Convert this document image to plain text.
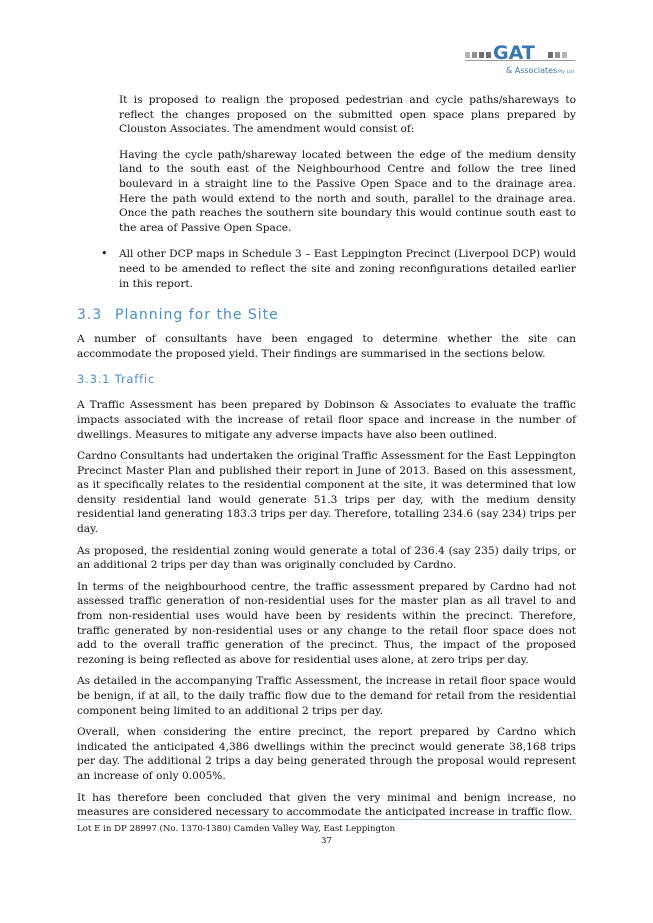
GAT
& Associates Pty Ltd

It is proposed to realign the proposed pedestrian and cycle paths/shareways to reflect the changes proposed on the submitted open space plans prepared by Clouston Associates. The amendment would consist of:

Having the cycle path/shareway located between the edge of the medium density land to the south east of the Neighbourhood Centre and follow the tree lined boulevard in a straight line to the Passive Open Space and to the drainage area. Here the path would extend to the north and south, parallel to the drainage area. Once the path reaches the southern site boundary this would continue south east to the area of Passive Open Space.

• All other DCP maps in Schedule 3 – East Leppington Precinct (Liverpool DCP) would need to be amended to reflect the site and zoning reconfigurations detailed earlier in this report.

3.3 Planning for the Site

A number of consultants have been engaged to determine whether the site can accommodate the proposed yield. Their findings are summarised in the sections below.

3.3.1 Traffic

A Traffic Assessment has been prepared by Dobinson & Associates to evaluate the traffic impacts associated with the increase of retail floor space and increase in the number of dwellings. Measures to mitigate any adverse impacts have also been outlined.

Cardno Consultants had undertaken the original Traffic Assessment for the East Leppington Precinct Master Plan and published their report in June of 2013. Based on this assessment, as it specifically relates to the residential component at the site, it was determined that low density residential land would generate 51.3 trips per day, with the medium density residential land generating 183.3 trips per day. Therefore, totalling 234.6 (say 234) trips per day.

As proposed, the residential zoning would generate a total of 236.4 (say 235) daily trips, or an additional 2 trips per day than was originally concluded by Cardno.

In terms of the neighbourhood centre, the traffic assessment prepared by Cardno had not assessed traffic generation of non-residential uses for the master plan as all travel to and from non-residential uses would have been by residents within the precinct. Therefore, traffic generated by non-residential uses or any change to the retail floor space does not add to the overall traffic generation of the precinct. Thus, the impact of the proposed rezoning is being reflected as above for residential uses alone, at zero trips per day.

As detailed in the accompanying Traffic Assessment, the increase in retail floor space would be benign, if at all, to the daily traffic flow due to the demand for retail from the residential component being limited to an additional 2 trips per day.

Overall, when considering the entire precinct, the report prepared by Cardno which indicated the anticipated 4,386 dwellings within the precinct would generate 38,168 trips per day. The additional 2 trips a day being generated through the proposal would represent an increase of only 0.005%.

It has therefore been concluded that given the very minimal and benign increase, no measures are considered necessary to accommodate the anticipated increase in traffic flow.

Lot E in DP 28997 (No. 1370-1380) Camden Valley Way, East Leppington
37
